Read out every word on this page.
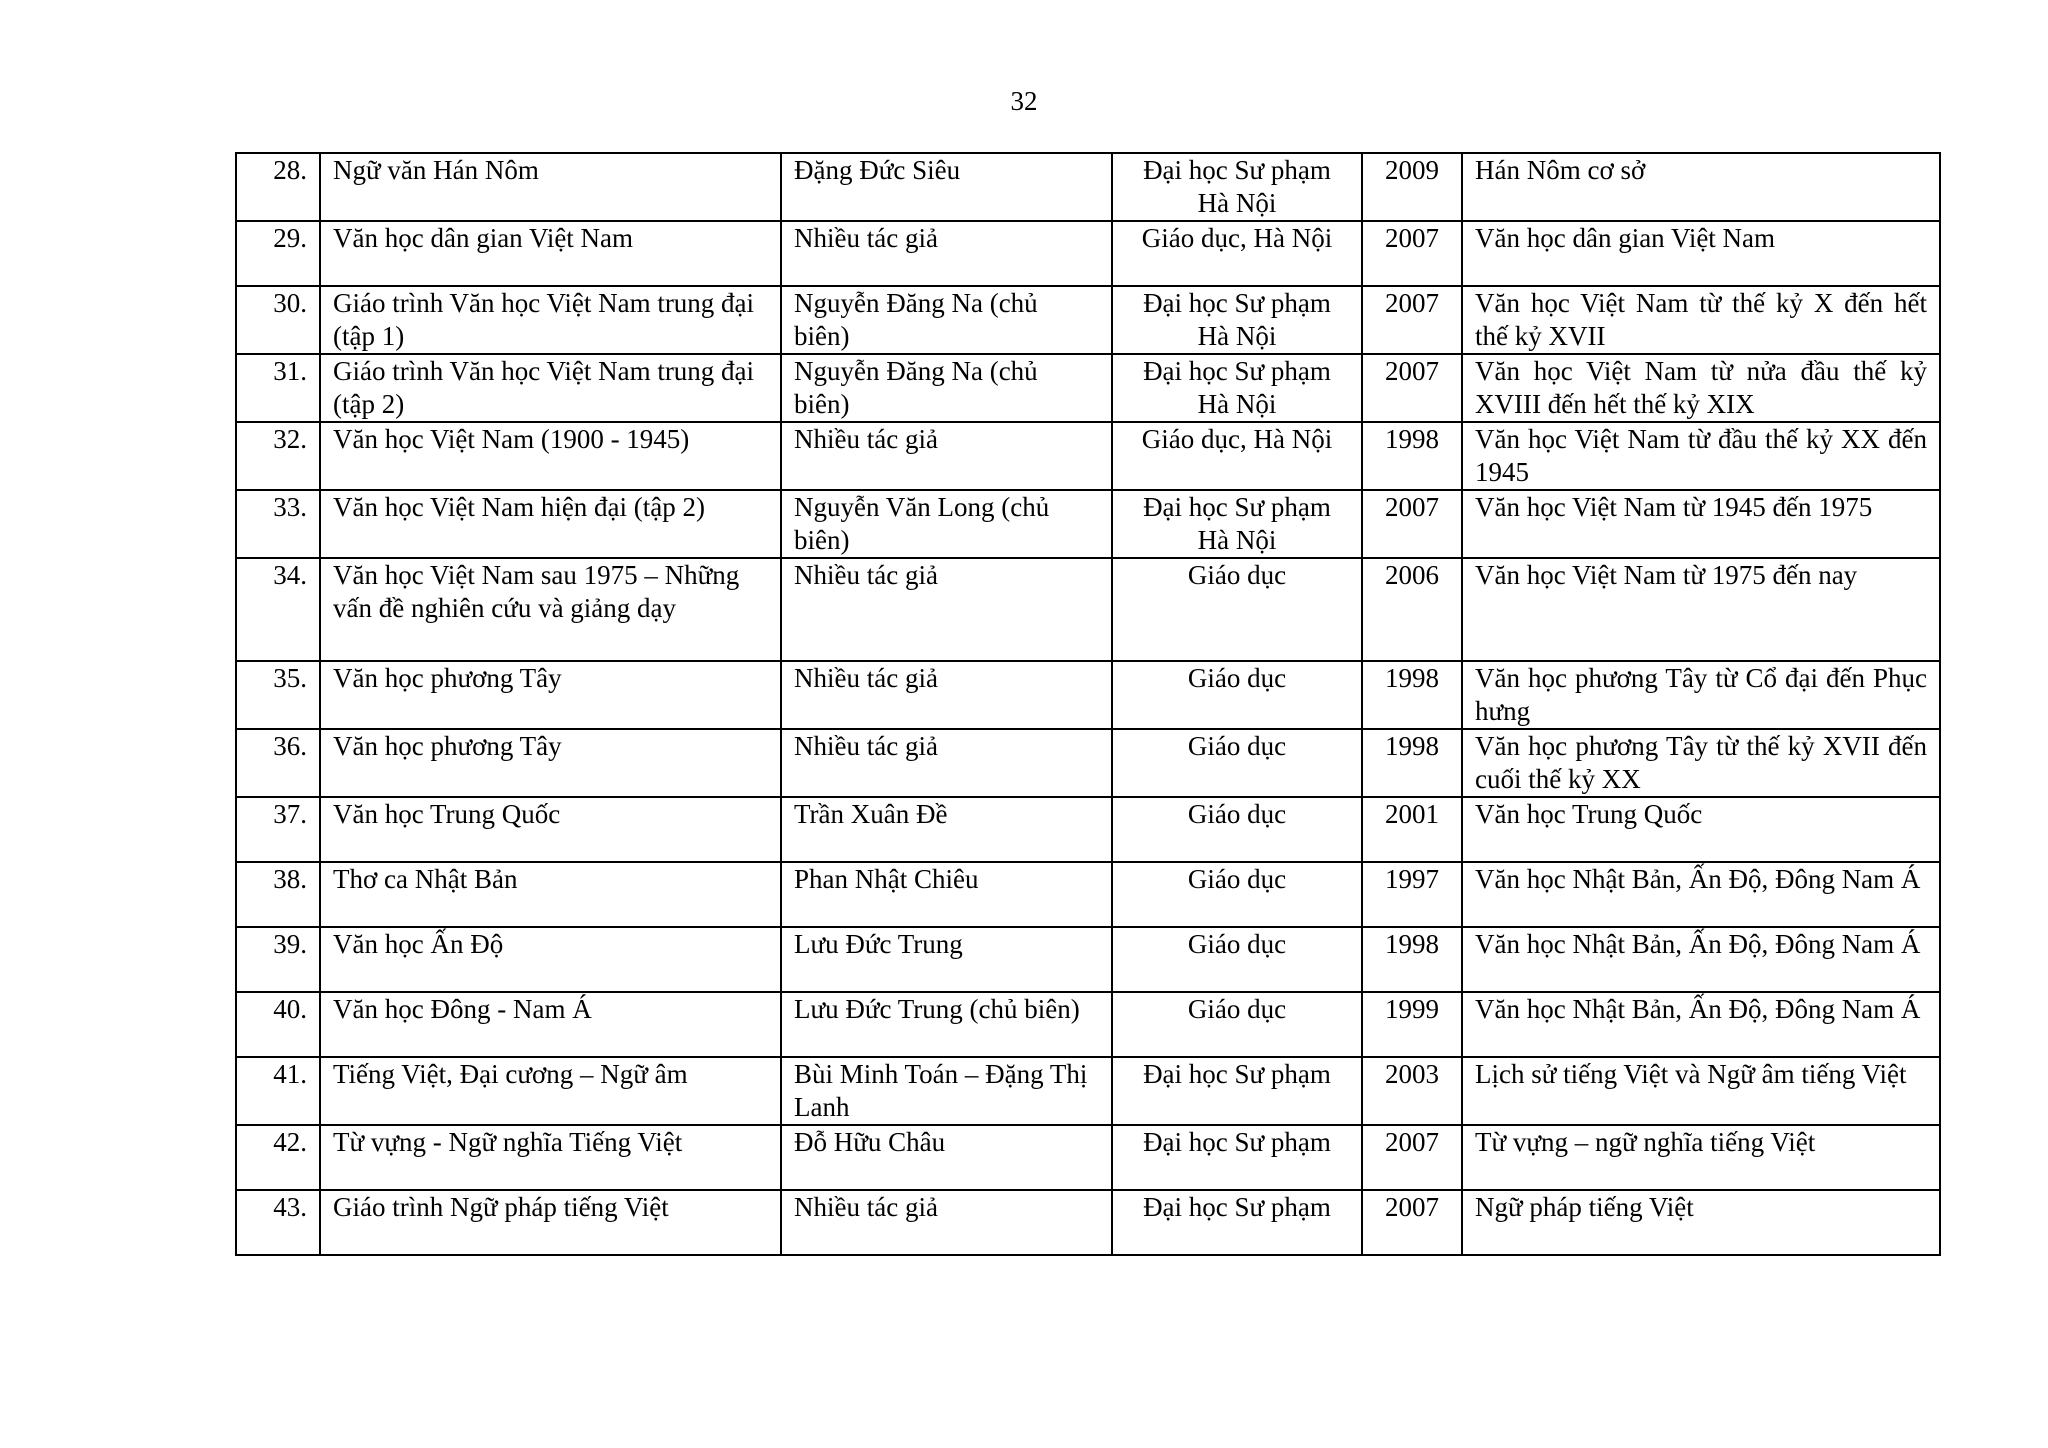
32
28.	Ngữ văn Hán Nôm	Đặng Đức Siêu	Đại học Sư phạm Hà Nội	2009	Hán Nôm cơ sở
29.	Văn học dân gian Việt Nam	Nhiều tác giả	Giáo dục, Hà Nội	2007	Văn học dân gian Việt Nam
30.	Giáo trình Văn học Việt Nam trung đại (tập 1)	Nguyễn Đăng Na (chủ biên)	Đại học Sư phạm Hà Nội	2007	Văn học Việt Nam từ thế kỷ X đến hết thế kỷ XVII
31.	Giáo trình Văn học Việt Nam trung đại (tập 2)	Nguyễn Đăng Na (chủ biên)	Đại học Sư phạm Hà Nội	2007	Văn học Việt Nam từ nửa đầu thế kỷ XVIII đến hết thế kỷ XIX
32.	Văn học Việt Nam (1900 - 1945)	Nhiều tác giả	Giáo dục, Hà Nội	1998	Văn học Việt Nam từ đầu thế kỷ XX đến 1945
33.	Văn học Việt Nam hiện đại (tập 2)	Nguyễn Văn Long (chủ biên)	Đại học Sư phạm Hà Nội	2007	Văn học Việt Nam từ 1945 đến 1975
34.	Văn học Việt Nam sau 1975 – Những vấn đề nghiên cứu và giảng dạy	Nhiều tác giả	Giáo dục	2006	Văn học Việt Nam từ 1975 đến nay
35.	Văn học phương Tây	Nhiều tác giả	Giáo dục	1998	Văn học phương Tây từ Cổ đại đến Phục hưng
36.	Văn học phương Tây	Nhiều tác giả	Giáo dục	1998	Văn học phương Tây từ thế kỷ XVII đến cuối thế kỷ XX
37.	Văn học Trung Quốc	Trần Xuân Đề	Giáo dục	2001	Văn học Trung Quốc
38.	Thơ ca Nhật Bản	Phan Nhật Chiêu	Giáo dục	1997	Văn học Nhật Bản, Ấn Độ, Đông Nam Á
39.	Văn học Ấn Độ	Lưu Đức Trung	Giáo dục	1998	Văn học Nhật Bản, Ấn Độ, Đông Nam Á
40.	Văn học Đông - Nam Á	Lưu Đức Trung (chủ biên)	Giáo dục	1999	Văn học Nhật Bản, Ấn Độ, Đông Nam Á
41.	Tiếng Việt, Đại cương – Ngữ âm	Bùi Minh Toán – Đặng Thị Lanh	Đại học Sư phạm	2003	Lịch sử tiếng Việt và Ngữ âm tiếng Việt
42.	Từ vựng - Ngữ nghĩa Tiếng Việt	Đỗ Hữu Châu	Đại học Sư phạm	2007	Từ vựng – ngữ nghĩa tiếng Việt
43.	Giáo trình Ngữ pháp tiếng Việt	Nhiều tác giả	Đại học Sư phạm	2007	Ngữ pháp tiếng Việt
